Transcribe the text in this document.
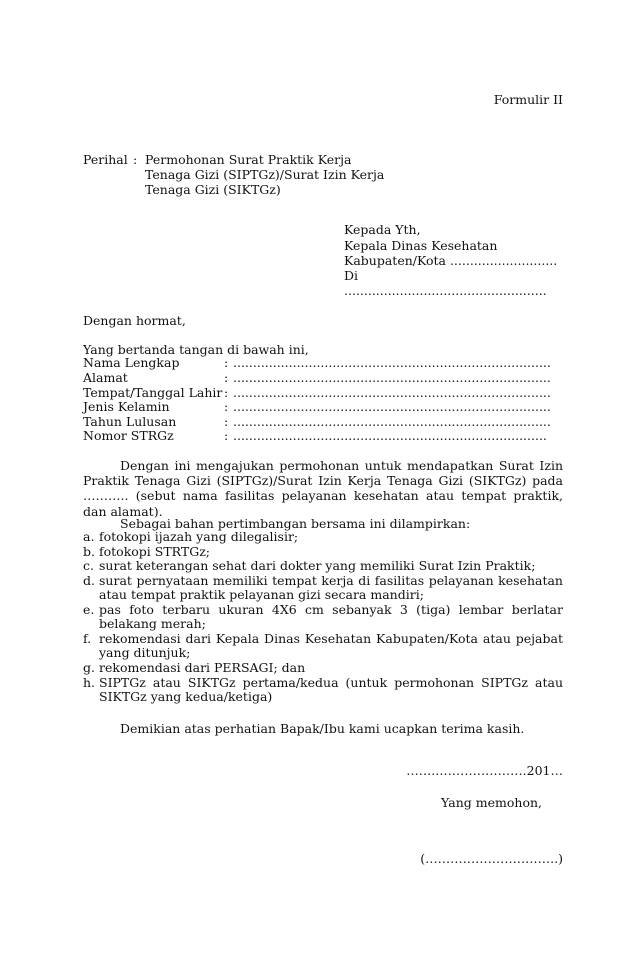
Formulir II
Perihal : Permohonan Surat Praktik Kerja
Tenaga Gizi (SIPTGz)/Surat Izin Kerja
Tenaga Gizi (SIKTGz)
Kepada Yth,
Kepala Dinas Kesehatan
Kabupaten/Kota ...........................
Di
...................................................
Dengan hormat,
Yang bertanda tangan di bawah ini,
Nama Lengkap	: ................................................................................
Alamat	: ................................................................................
Tempat/Tanggal Lahir : ................................................................................
Jenis Kelamin	: ................................................................................
Tahun Lulusan	: ................................................................................
Nomor STRGz	: ...............................................................................
Dengan ini mengajukan permohonan untuk mendapatkan Surat Izin Praktik Tenaga Gizi (SIPTGz)/Surat Izin Kerja Tenaga Gizi (SIKTGz) pada ……….. (sebut nama fasilitas pelayanan kesehatan atau tempat praktik, dan alamat).
Sebagai bahan pertimbangan bersama ini dilampirkan:
a. fotokopi ijazah yang dilegalisir;
b. fotokopi STRTGz;
c. surat keterangan sehat dari dokter yang memiliki Surat Izin Praktik;
d. surat pernyataan memiliki tempat kerja di fasilitas pelayanan kesehatan atau tempat praktik pelayanan gizi secara mandiri;
e. pas foto terbaru ukuran 4X6 cm sebanyak 3 (tiga) lembar berlatar belakang merah;
f. rekomendasi dari Kepala Dinas Kesehatan Kabupaten/Kota atau pejabat yang ditunjuk;
g. rekomendasi dari PERSAGI; dan
h. SIPTGz atau SIKTGz pertama/kedua (untuk permohonan SIPTGz atau SIKTGz yang kedua/ketiga)
Demikian atas perhatian Bapak/Ibu kami ucapkan terima kasih.
…….………………….201…
Yang memohon,
(…………………………..)
